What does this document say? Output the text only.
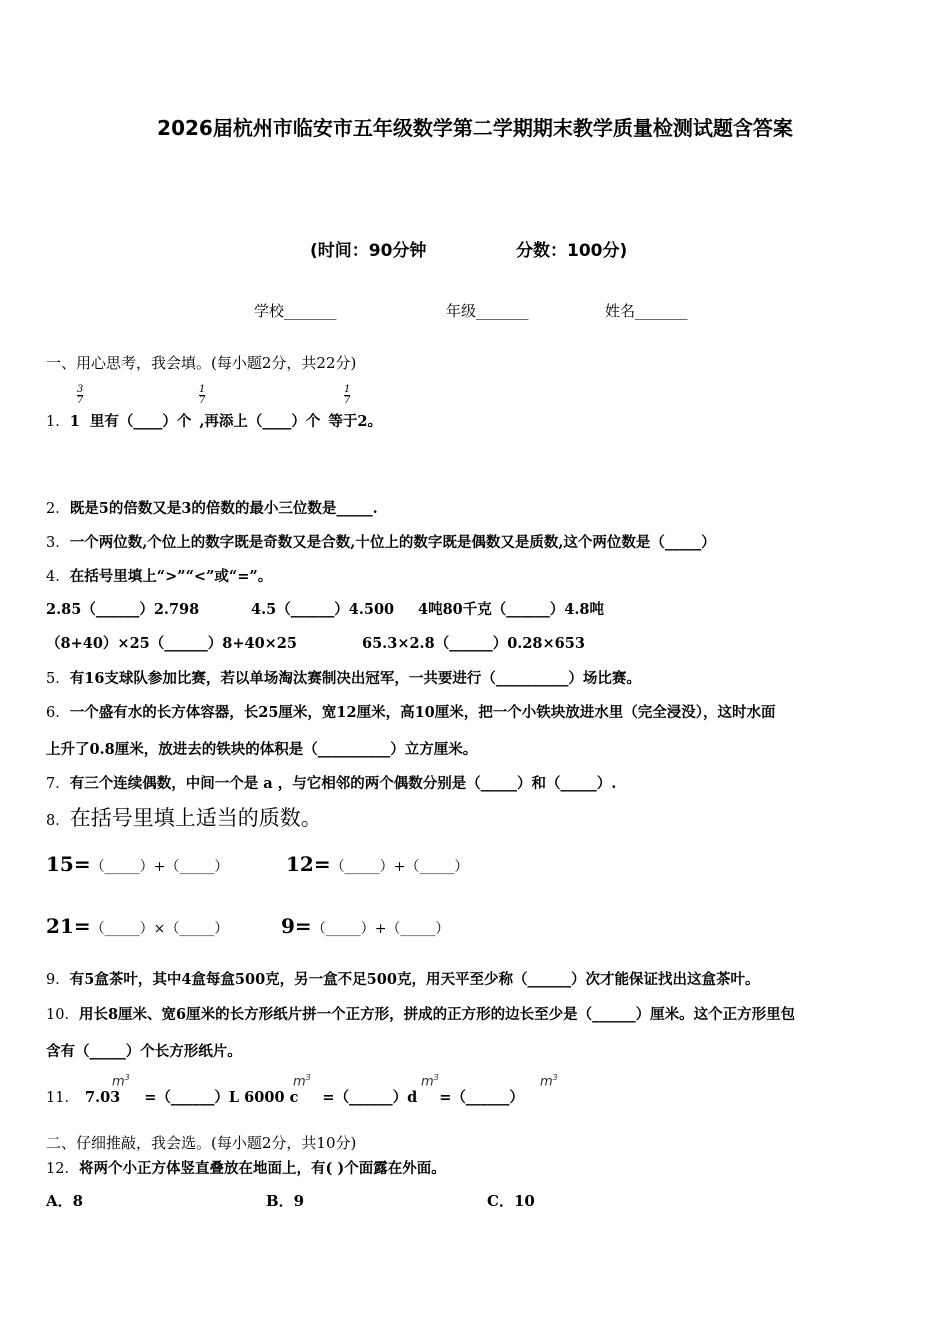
2026届杭州市临安市五年级数学第二学期期末教学质量检测试题含答案
(时间：90分钟	分数：100分)
学校_______	年级_______	姓名_______
一、用心思考，我会填。(每小题2分，共22分)
1．1 里有（____）个 ,再添上（____）个 等于2。
3
7
1
7
1
7
2．既是5的倍数又是3的倍数的最小三位数是_____.
3．一个两位数,个位上的数字既是奇数又是合数,十位上的数字既是偶数又是质数,这个两位数是（_____）
4．在括号里填上“>”“<”或“=”。
2.85（______）2.798	4.5（______）4.500 4吨80千克（______）4.8吨
（8+40）×25（______）8+40×25	65.3×2.8（______）0.28×653
5．有16支球队参加比赛，若以单场淘汰赛制决出冠军，一共要进行（__________）场比赛。
6．一个盛有水的长方体容器，长25厘米，宽12厘米，高10厘米，把一个小铁块放进水里（完全浸没），这时水面
上升了0.8厘米，放进去的铁块的体积是（__________）立方厘米。
7．有三个连续偶数，中间一个是 a ，与它相邻的两个偶数分别是（_____）和（_____）.
8．在括号里填上适当的质数。
15=（_____）+（_____）	12=（_____）+（_____）
21=（_____）×（_____）	9=（_____）+（_____）
9．有5盒茶叶，其中4盒每盒500克，另一盒不足500克，用天平至少称（______）次才能保证找出这盒茶叶。
10．用长8厘米、宽6厘米的长方形纸片拼一个正方形，拼成的正方形的边长至少是（______）厘米。这个正方形里包
含有（_____）个长方形纸片。
11． 7.03 =（______）L 6000 c =（______）d =（______）
$m^3$	$m^3$	$m^3$	$m^3$
二、仔细推敲，我会选。(每小题2分，共10分)
12．将两个小正方体竖直叠放在地面上，有( )个面露在外面。
A．8	B．9	C．10
